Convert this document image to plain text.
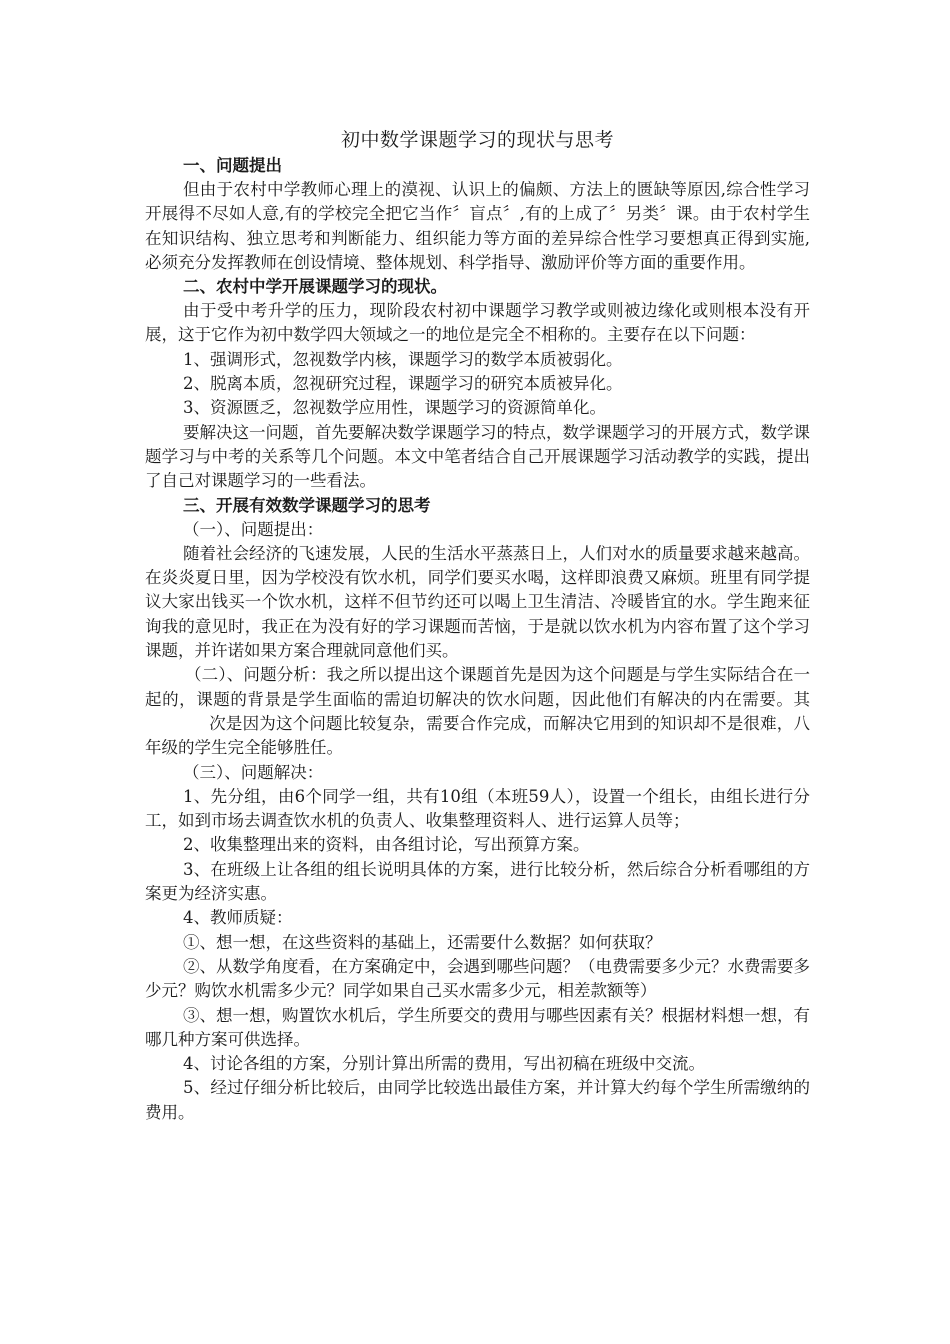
初中数学课题学习的现状与思考
一、问题提出

但由于农村中学教师心理上的漠视、认识上的偏颇、方法上的匮缺等原因,综合性学习开展得不尽如人意,有的学校完全把它当作〞盲点〞,有的上成了〞另类〞课。由于农村学生在知识结构、独立思考和判断能力、组织能力等方面的差异综合性学习要想真正得到实施,必须充分发挥教师在创设情境、整体规划、科学指导、激励评价等方面的重要作用。

二、农村中学开展课题学习的现状。

由于受中考升学的压力，现阶段农村初中课题学习教学或则被边缘化或则根本没有开展，这于它作为初中数学四大领域之一的地位是完全不相称的。主要存在以下问题：

1、强调形式，忽视数学内核，课题学习的数学本质被弱化。

2、脱离本质，忽视研究过程，课题学习的研究本质被异化。

3、资源匮乏，忽视数学应用性，课题学习的资源简单化。

要解决这一问题，首先要解决数学课题学习的特点，数学课题学习的开展方式，数学课题学习与中考的关系等几个问题。本文中笔者结合自己开展课题学习活动教学的实践，提出了自己对课题学习的一些看法。

三、开展有效数学课题学习的思考

（一）、问题提出：

随着社会经济的飞速发展，人民的生活水平蒸蒸日上，人们对水的质量要求越来越高。在炎炎夏日里，因为学校没有饮水机，同学们要买水喝，这样即浪费又麻烦。班里有同学提议大家出钱买一个饮水机，这样不但节约还可以喝上卫生清洁、冷暖皆宜的水。学生跑来征询我的意见时，我正在为没有好的学习课题而苦恼，于是就以饮水机为内容布置了这个学习课题，并许诺如果方案合理就同意他们买。

（二）、问题分析：我之所以提出这个课题首先是因为这个问题是与学生实际结合在一起的，课题的背景是学生面临的需迫切解决的饮水问题，因此他们有解决的内在需要。其次是因为这个问题比较复杂，需要合作完成，而解决它用到的知识却不是很难，八年级的学生完全能够胜任。

（三）、问题解决：

1、先分组，由6个同学一组，共有10组（本班59人），设置一个组长，由组长进行分工，如到市场去调查饮水机的负责人、收集整理资料人、进行运算人员等；

2、收集整理出来的资料，由各组讨论，写出预算方案。

3、在班级上让各组的组长说明具体的方案，进行比较分析，然后综合分析看哪组的方案更为经济实惠。

4、教师质疑：

①、想一想，在这些资料的基础上，还需要什么数据？如何获取？

②、从数学角度看，在方案确定中，会遇到哪些问题？（电费需要多少元？水费需要多少元？购饮水机需多少元？同学如果自己买水需多少元，相差款额等）

③、想一想，购置饮水机后，学生所要交的费用与哪些因素有关？根据材料想一想，有哪几种方案可供选择。

4、讨论各组的方案，分别计算出所需的费用，写出初稿在班级中交流。

5、经过仔细分析比较后，由同学比较选出最佳方案，并计算大约每个学生所需缴纳的费用。
